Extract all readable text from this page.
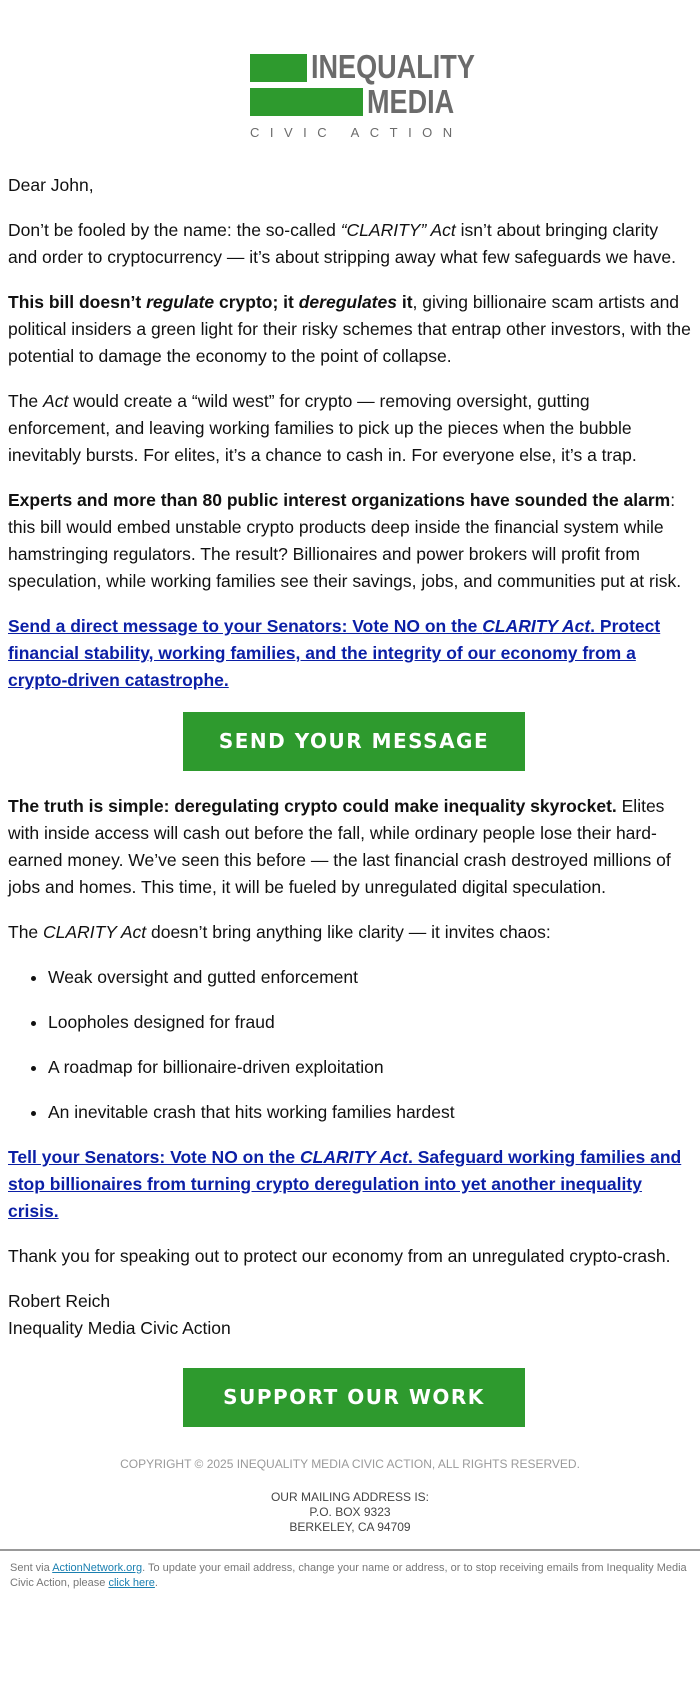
INEQUALITY
MEDIA
CIVIC ACTION

Dear John,

Don’t be fooled by the name: the so-called “CLARITY” Act isn’t about bringing clarity and order to cryptocurrency — it’s about stripping away what few safeguards we have.

This bill doesn’t regulate crypto; it deregulates it, giving billionaire scam artists and political insiders a green light for their risky schemes that entrap other investors, with the potential to damage the economy to the point of collapse.

The Act would create a “wild west” for crypto — removing oversight, gutting enforcement, and leaving working families to pick up the pieces when the bubble inevitably bursts. For elites, it’s a chance to cash in. For everyone else, it’s a trap.

Experts and more than 80 public interest organizations have sounded the alarm: this bill would embed unstable crypto products deep inside the financial system while hamstringing regulators. The result? Billionaires and power brokers will profit from speculation, while working families see their savings, jobs, and communities put at risk.

Send a direct message to your Senators: Vote NO on the CLARITY Act. Protect financial stability, working families, and the integrity of our economy from a crypto-driven catastrophe.

SEND YOUR MESSAGE

The truth is simple: deregulating crypto could make inequality skyrocket. Elites with inside access will cash out before the fall, while ordinary people lose their hard-earned money. We’ve seen this before — the last financial crash destroyed millions of jobs and homes. This time, it will be fueled by unregulated digital speculation.

The CLARITY Act doesn’t bring anything like clarity — it invites chaos:

• Weak oversight and gutted enforcement
• Loopholes designed for fraud
• A roadmap for billionaire-driven exploitation
• An inevitable crash that hits working families hardest

Tell your Senators: Vote NO on the CLARITY Act. Safeguard working families and stop billionaires from turning crypto deregulation into yet another inequality crisis.

Thank you for speaking out to protect our economy from an unregulated crypto-crash.

Robert Reich

Inequality Media Civic Action

SUPPORT OUR WORK
COPYRIGHT © 2025 INEQUALITY MEDIA CIVIC ACTION, ALL RIGHTS RESERVED.
OUR MAILING ADDRESS IS:
P.O. BOX 9323
BERKELEY, CA 94709
Sent via ActionNetwork.org. To update your email address, change your name or address, or to stop receiving emails from Inequality Media Civic Action, please click here.
